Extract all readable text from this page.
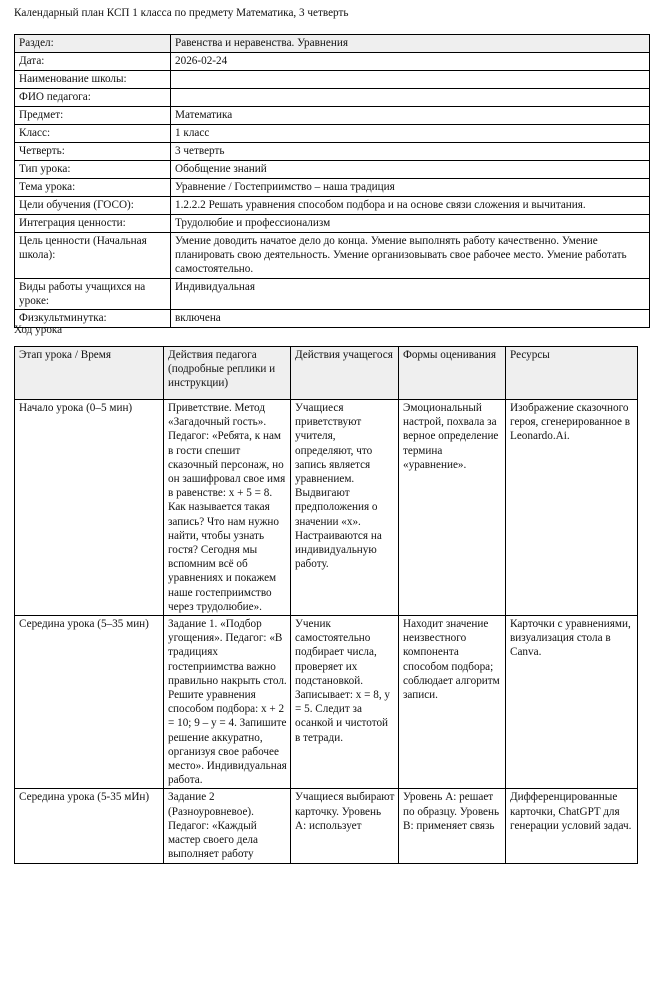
Календарный план КСП 1 класса по предмету Математика, 3 четверть
Раздел:	Равенства и неравенства. Уравнения
Дата:	2026-02-24
Наименование школы:	
ФИО педагога:	
Предмет:	Математика
Класс:	1 класс
Четверть:	3 четверть
Тип урока:	Обобщение знаний
Тема урока:	Уравнение / Гостеприимство – наша традиция
Цели обучения (ГОСО):	1.2.2.2 Решать уравнения способом подбора и на основе связи сложения и вычитания.
Интеграция ценности:	Трудолюбие и профессионализм
Цель ценности (Начальная школа):	Умение доводить начатое дело до конца. Умение выполнять работу качественно. Умение планировать свою деятельность. Умение организовывать свое рабочее место. Умение работать самостоятельно.
Виды работы учащихся на уроке:	Индивидуальная
Физкультминутка:	включена
Ход урока
Этап урока / Время	Действия педагога (подробные реплики и инструкции)	Действия учащегося	Формы оценивания	Ресурсы
Начало урока (0–5 мин)	Приветствие. Метод «Загадочный гость». Педагог: «Ребята, к нам в гости спешит сказочный персонаж, но он зашифровал свое имя в равенстве: х + 5 = 8. Как называется такая запись? Что нам нужно найти, чтобы узнать гостя? Сегодня мы вспомним всё об уравнениях и покажем наше гостеприимство через трудолюбие».	Учащиеся приветствуют учителя, определяют, что запись является уравнением. Выдвигают предположения о значении «х». Настраиваются на индивидуальную работу.	Эмоциональный настрой, похвала за верное определение термина «уравнение».	Изображение сказочного героя, сгенерированное в Leonardo.Ai.
Середина урока (5–35 мин)	Задание 1. «Подбор угощения». Педагог: «В традициях гостеприимства важно правильно накрыть стол. Решите уравнения способом подбора: х + 2 = 10; 9 – у = 4. Запишите решение аккуратно, организуя свое рабочее место». Индивидуальная работа.	Ученик самостоятельно подбирает числа, проверяет их подстановкой. Записывает: х = 8, у = 5. Следит за осанкой и чистотой в тетради.	Находит значение неизвестного компонента способом подбора; соблюдает алгоритм записи.	Карточки с уравнениями, визуализация стола в Canva.
Середина урока (5-35 мИн)	Задание 2 (Разноуровневое). Педагог: «Каждый мастер своего дела выполняет работу	Учащиеся выбирают карточку. Уровень А: использует	Уровень А: решает по образцу. Уровень В: применяет связь	Дифференцированные карточки, ChatGPT для генерации условий задач.
